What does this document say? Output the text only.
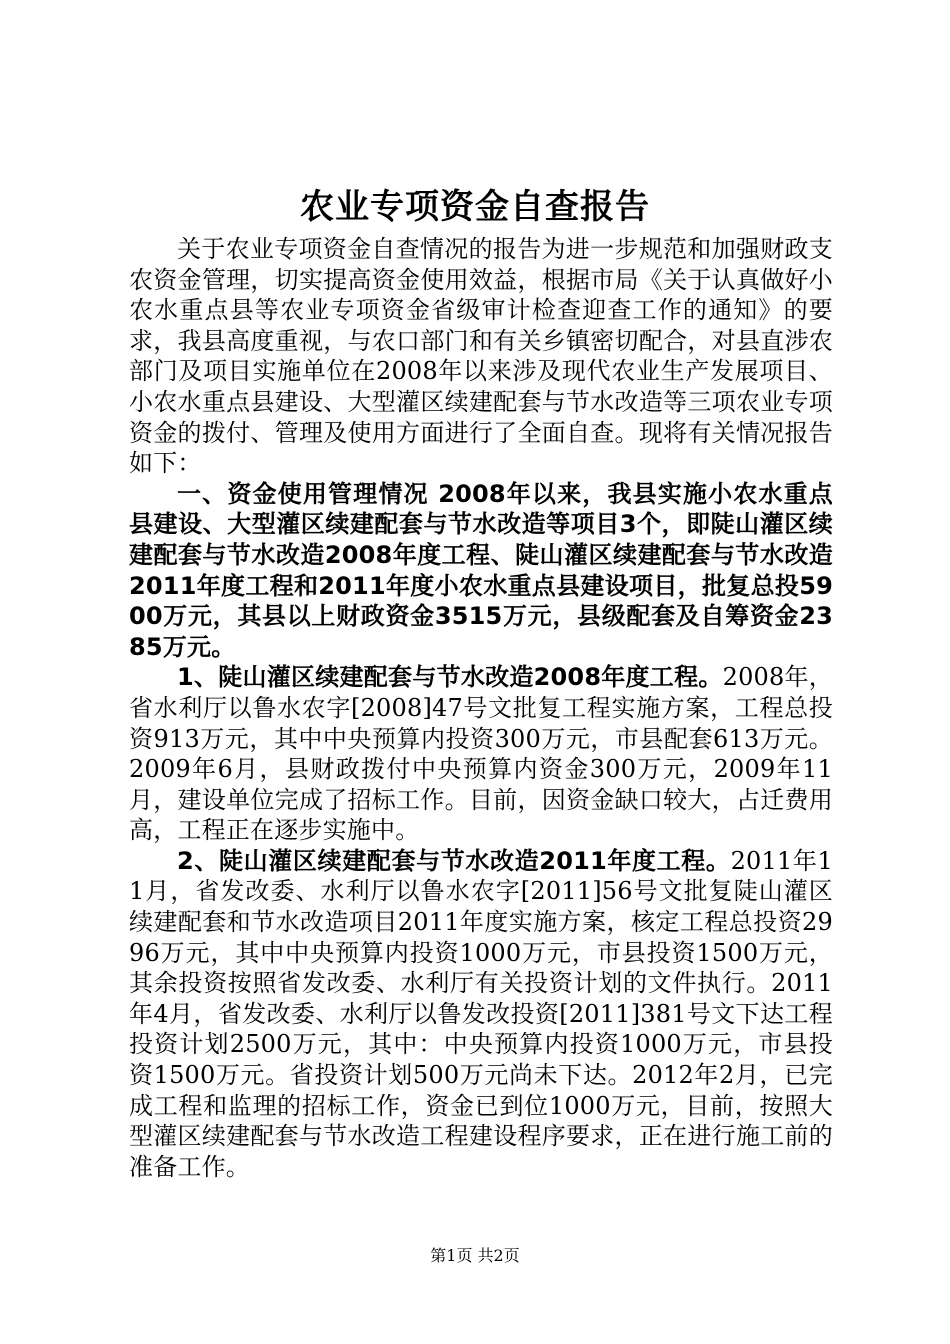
农业专项资金自查报告

关于农业专项资金自查情况的报告为进一步规范和加强财政支农资金管理，切实提高资金使用效益，根据市局《关于认真做好小农水重点县等农业专项资金省级审计检查迎查工作的通知》的要求，我县高度重视，与农口部门和有关乡镇密切配合，对县直涉农部门及项目实施单位在2008年以来涉及现代农业生产发展项目、小农水重点县建设、大型灌区续建配套与节水改造等三项农业专项资金的拨付、管理及使用方面进行了全面自查。现将有关情况报告如下：

一、资金使用管理情况 2008年以来，我县实施小农水重点县建设、大型灌区续建配套与节水改造等项目3个，即陡山灌区续建配套与节水改造2008年度工程、陡山灌区续建配套与节水改造2011年度工程和2011年度小农水重点县建设项目，批复总投5900万元，其县以上财政资金3515万元，县级配套及自筹资金2385万元。

1、陡山灌区续建配套与节水改造2008年度工程。2008年，省水利厅以鲁水农字[2008]47号文批复工程实施方案，工程总投资913万元，其中中央预算内投资300万元，市县配套613万元。2009年6月，县财政拨付中央预算内资金300万元，2009年11月，建设单位完成了招标工作。目前，因资金缺口较大，占迁费用高，工程正在逐步实施中。

2、陡山灌区续建配套与节水改造2011年度工程。2011年11月，省发改委、水利厅以鲁水农字[2011]56号文批复陡山灌区续建配套和节水改造项目2011年度实施方案，核定工程总投资2996万元，其中中央预算内投资1000万元，市县投资1500万元，其余投资按照省发改委、水利厅有关投资计划的文件执行。2011年4月，省发改委、水利厅以鲁发改投资[2011]381号文下达工程投资计划2500万元，其中：中央预算内投资1000万元，市县投资1500万元。省投资计划500万元尚未下达。2012年2月，已完成工程和监理的招标工作，资金已到位1000万元，目前，按照大型灌区续建配套与节水改造工程建设程序要求，正在进行施工前的准备工作。

第1页 共2页
